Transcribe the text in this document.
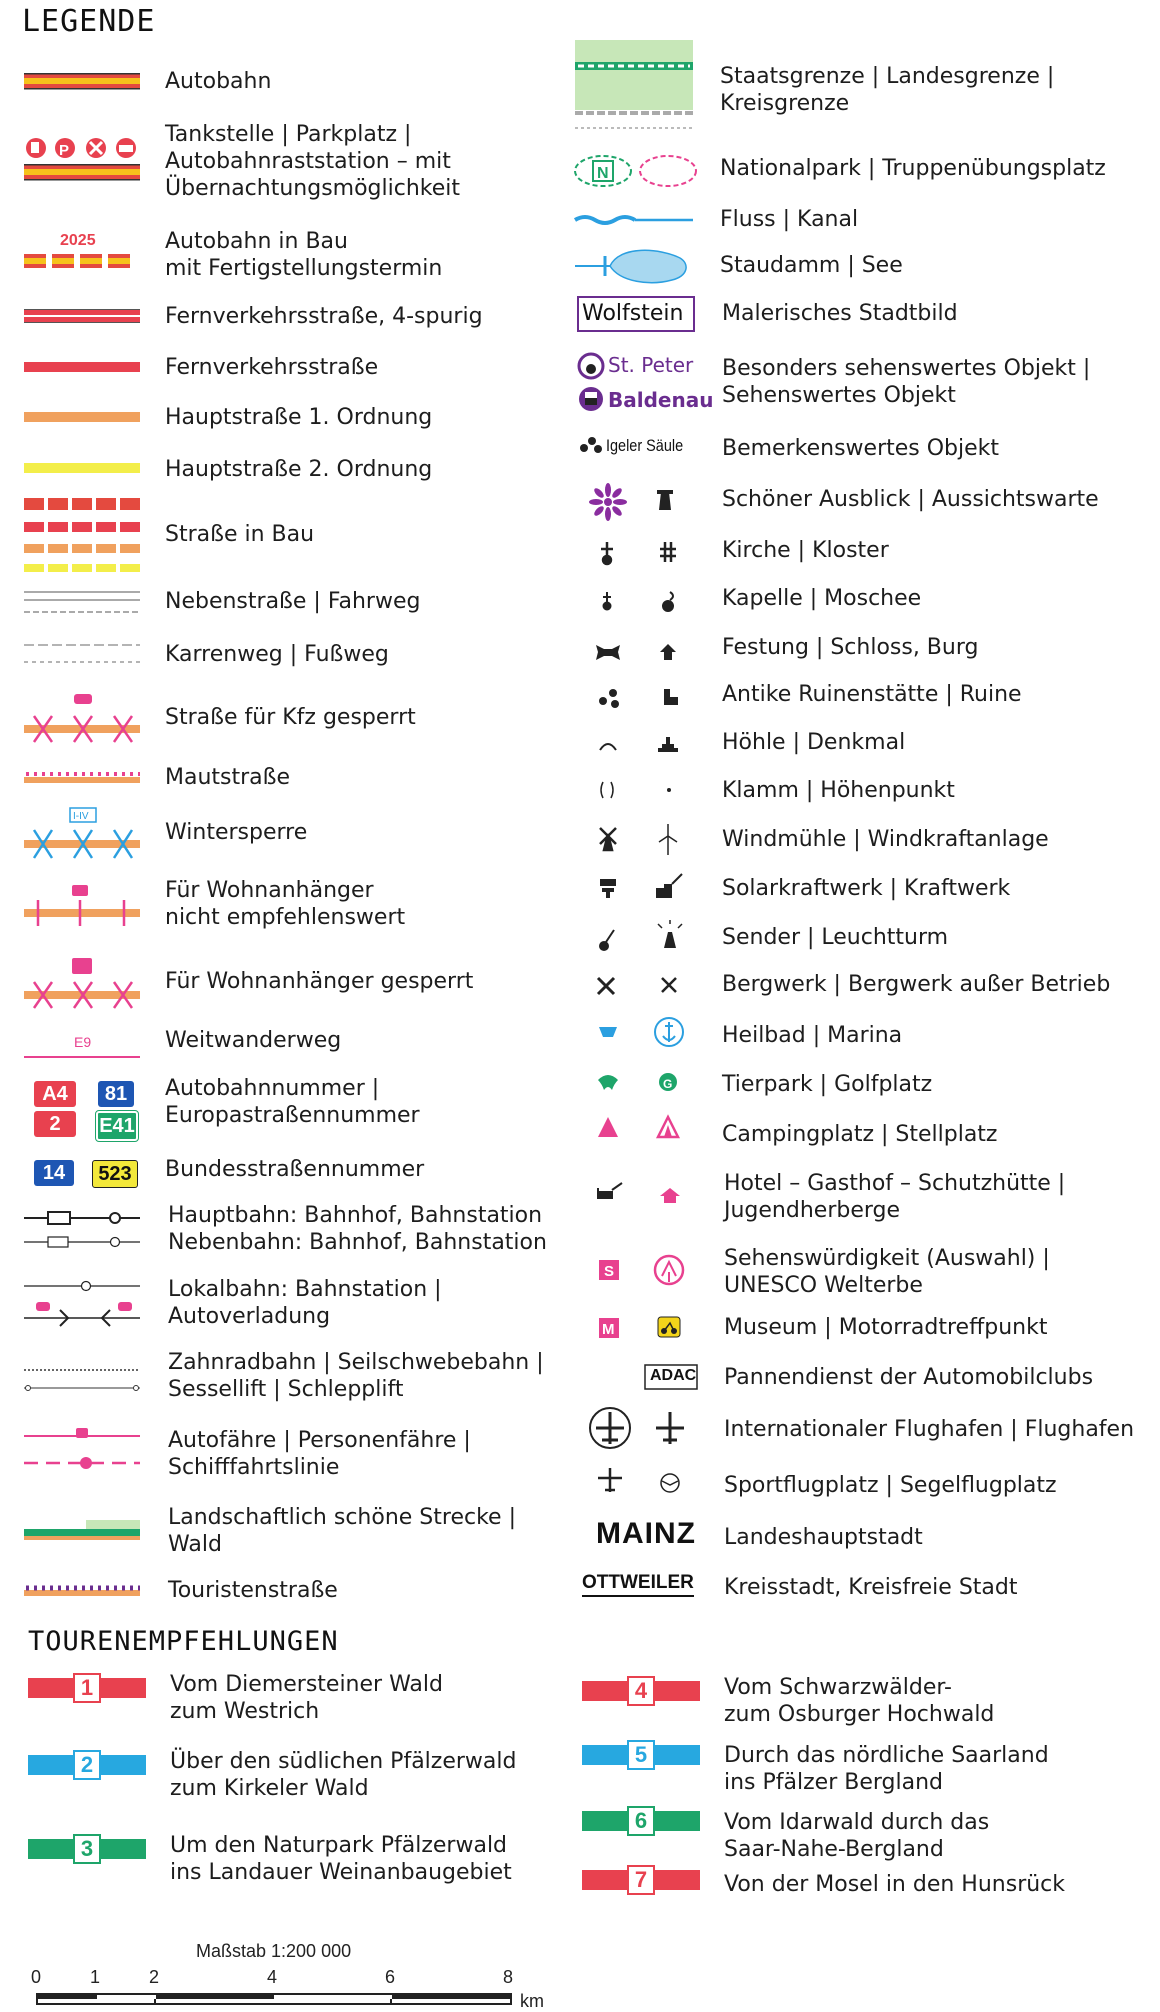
LEGENDE
TOURENEMPFEHLUNGEN
P
2025
I-IV
E9
A4	81
2	E41
14	523
Autobahn
Tankstelle | Parkplatz |
Autobahnraststation – mit
Übernachtungsmöglichkeit
Autobahn in Bau
mit Fertigstellungstermin
Fernverkehrsstraße, 4-spurig
Fernverkehrsstraße
Hauptstraße 1. Ordnung
Hauptstraße 2. Ordnung
Straße in Bau
Nebenstraße | Fahrweg
Karrenweg | Fußweg
Straße für Kfz gesperrt
Mautstraße
Wintersperre
Für Wohnanhänger
nicht empfehlenswert
Für Wohnanhänger gesperrt
Weitwanderweg
Autobahnnummer |
Europastraßennummer
Bundesstraßennummer
Hauptbahn: Bahnhof, Bahnstation
Nebenbahn: Bahnhof, Bahnstation
Lokalbahn: Bahnstation |
Autoverladung
Zahnradbahn | Seilschwebebahn |
Sessellift | Schlepplift
Autofähre | Personenfähre |
Schifffahrtslinie
Landschaftlich schöne Strecke |
Wald
Touristenstraße
N
G
S
M
Wolfstein
St. Peter
Baldenau
Igeler Säule
ADAC
MAINZ
OTTWEILER
Staatsgrenze | Landesgrenze |
Kreisgrenze
Nationalpark | Truppenübungsplatz
Fluss | Kanal
Staudamm | See
Malerisches Stadtbild
Besonders sehenswertes Objekt |
Sehenswertes Objekt
Bemerkenswertes Objekt
Schöner Ausblick | Aussichtswarte
Kirche | Kloster
Kapelle | Moschee
Festung | Schloss, Burg
Antike Ruinenstätte | Ruine
Höhle | Denkmal
Klamm | Höhenpunkt
Windmühle | Windkraftanlage
Solarkraftwerk | Kraftwerk
Sender | Leuchtturm
Bergwerk | Bergwerk außer Betrieb
Heilbad | Marina
Tierpark | Golfplatz
Campingplatz | Stellplatz
Hotel – Gasthof – Schutzhütte |
Jugendherberge
Sehenswürdigkeit (Auswahl) |
UNESCO Welterbe
Museum | Motorradtreffpunkt
Pannendienst der Automobilclubs
Internationaler Flughafen | Flughafen
Sportflugplatz | Segelflugplatz
Landeshauptstadt
Kreisstadt, Kreisfreie Stadt
1	Vom Diemersteiner Wald
zum Westrich
2	Über den südlichen Pfälzerwald
zum Kirkeler Wald
3	Um den Naturpark Pfälzerwald
ins Landauer Weinanbaugebiet
4	Vom Schwarzwälder-
zum Osburger Hochwald
5	Durch das nördliche Saarland
ins Pfälzer Bergland
6	Vom Idarwald durch das
Saar-Nahe-Bergland
7	Von der Mosel in den Hunsrück
Maßstab 1:200 000
0	1	2	4	6	8
km
